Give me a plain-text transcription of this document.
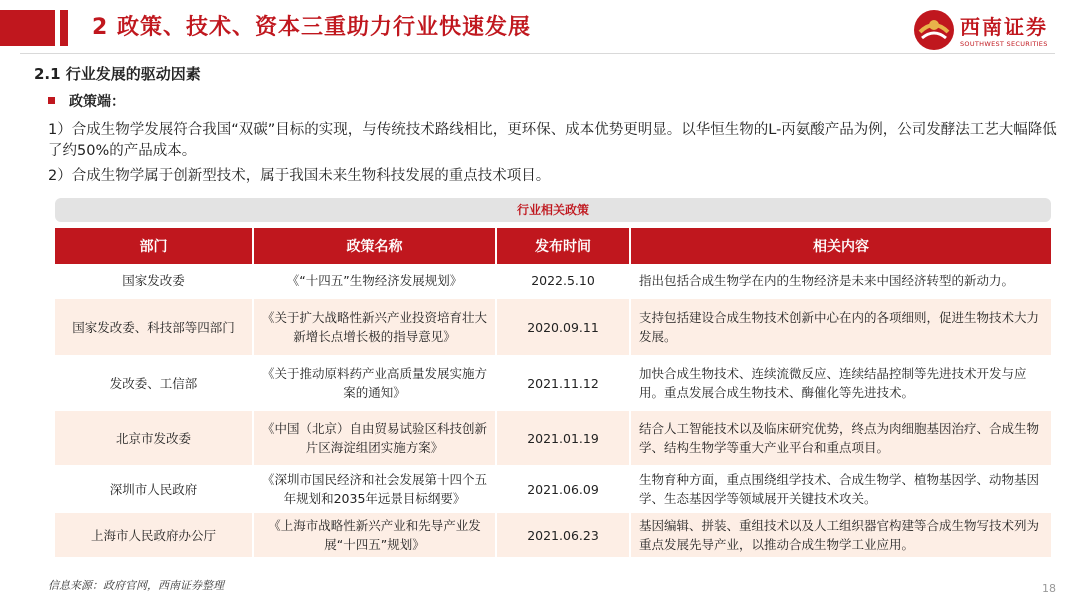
2 政策、技术、资本三重助力行业快速发展	西南证券
SOUTHWEST SECURITIES
2.1 行业发展的驱动因素
政策端：
1）合成生物学发展符合我国“双碳”目标的实现，与传统技术路线相比，更环保、成本优势更明显。以华恒生物的L-丙氨酸产品为例，公司发酵法工艺大幅降低了约50%的产品成本。
2）合成生物学属于创新型技术，属于我国未来生物科技发展的重点技术项目。
行业相关政策
部门	政策名称	发布时间	相关内容
国家发改委	《“十四五”生物经济发展规划》	2022.5.10	指出包括合成生物学在内的生物经济是未来中国经济转型的新动力。
国家发改委、科技部等四部门	《关于扩大战略性新兴产业投资培育壮大新增长点增长极的指导意见》	2020.09.11	支持包括建设合成生物技术创新中心在内的各项细则，促进生物技术大力发展。
发改委、工信部	《关于推动原料药产业高质量发展实施方案的通知》	2021.11.12	加快合成生物技术、连续流微反应、连续结晶控制等先进技术开发与应用。重点发展合成生物技术、酶催化等先进技术。
北京市发改委	《中国（北京）自由贸易试验区科技创新片区海淀组团实施方案》	2021.01.19	结合人工智能技术以及临床研究优势，终点为肉细胞基因治疗、合成生物 学、结构生物学等重大产业平台和重点项目。
深圳市人民政府	《深圳市国民经济和社会发展第十四个五年规划和2035年远景目标纲要》	2021.06.09	生物育种方面，重点围绕组学技术、合成生物学、植物基因学、动物基因学、生态基因学等领域展开关键技术攻关。
上海市人民政府办公厅	《上海市战略性新兴产业和先导产业发展“十四五”规划》	2021.06.23	基因编辑、拼装、重组技术以及人工组织器官构建等合成生物写技术列为重点发展先导产业，以推动合成生物学工业应用。
信息来源：政府官网，西南证券整理	18
